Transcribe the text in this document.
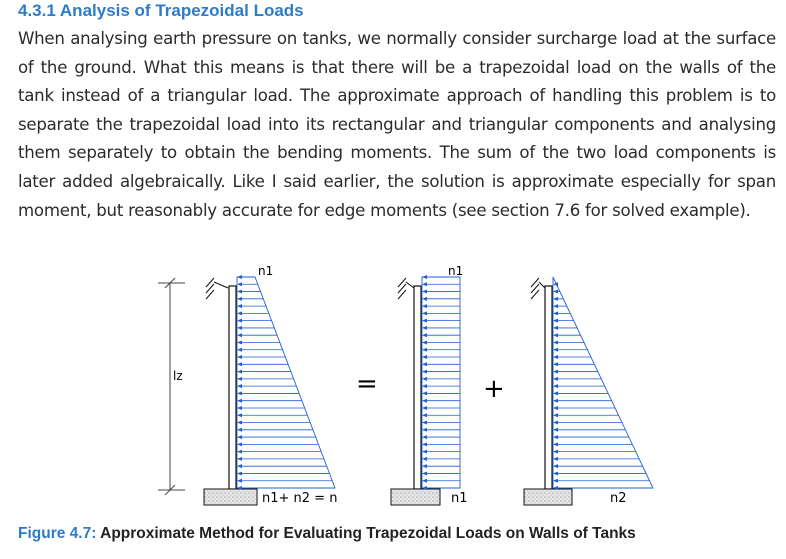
4.3.1 Analysis of Trapezoidal Loads
When analysing earth pressure on tanks, we normally consider surcharge load at the surface of the ground. What this means is that there will be a trapezoidal load on the walls of the tank instead of a triangular load. The approximate approach of handling this problem is to separate the trapezoidal load into its rectangular and triangular components and analysing them separately to obtain the bending moments. The sum of the two load components is later added algebraically. Like I said earlier, the solution is approximate especially for span moment, but reasonably accurate for edge moments (see section 7.6 for solved example).
lz
n1
n1+ n2 = n
=
n1
n1
+
n2
Figure 4.7: Approximate Method for Evaluating Trapezoidal Loads on Walls of Tanks
